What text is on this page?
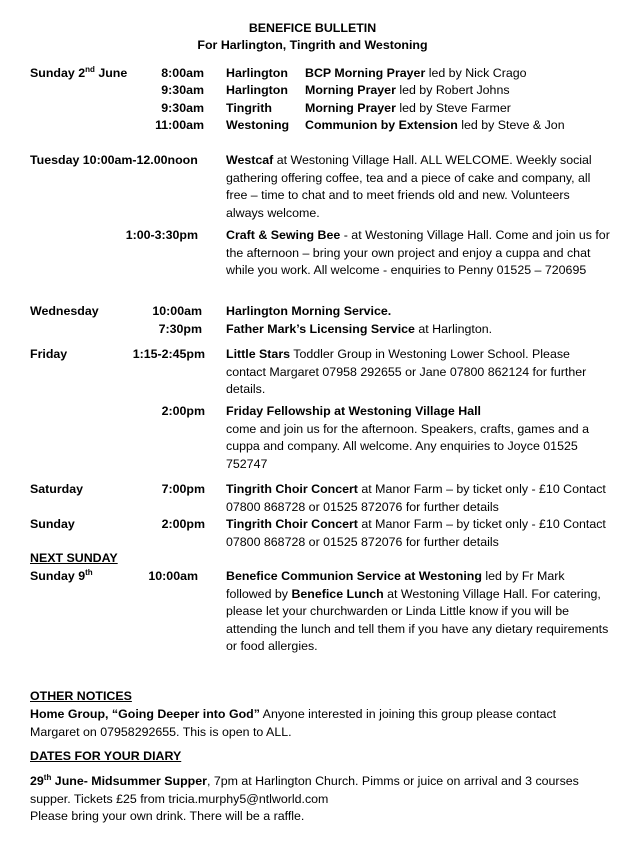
BENEFICE BULLETIN
For Harlington, Tingrith and Westoning
Sunday 2nd June	8:00am Harlington BCP Morning Prayer led by Nick Crago
9:30am Harlington Morning Prayer led by Robert Johns
9:30am Tingrith	Morning Prayer led by Steve Farmer
11:00am Westoning Communion by Extension led by Steve & Jon
Tuesday 10:00am-12.00noon Westcaf at Westoning Village Hall. ALL WELCOME. Weekly social gathering offering coffee, tea and a piece of cake and company, all free – time to chat and to meet friends old and new. Volunteers always welcome.
1:00-3:30pm Craft & Sewing Bee - at Westoning Village Hall. Come and join us for the afternoon – bring your own project and enjoy a cuppa and chat while you work. All welcome - enquiries to Penny 01525 – 720695
Wednesday	10:00am Harlington Morning Service.
7:30pm Father Mark’s Licensing Service at Harlington.
Friday	1:15-2:45pm Little Stars Toddler Group in Westoning Lower School. Please contact Margaret 07958 292655 or Jane 07800 862124 for further details.
2:00pm Friday Fellowship at Westoning Village Hall
come and join us for the afternoon. Speakers, crafts, games and a cuppa and company. All welcome. Any enquiries to Joyce 01525 752747
Saturday	7:00pm Tingrith Choir Concert at Manor Farm – by ticket only - £10 Contact 07800 868728 or 01525 872076 for further details
Sunday	2:00pm Tingrith Choir Concert at Manor Farm – by ticket only - £10 Contact 07800 868728 or 01525 872076 for further details
NEXT SUNDAY
Sunday 9th	10:00am Benefice Communion Service at Westoning led by Fr Mark followed by Benefice Lunch at Westoning Village Hall. For catering, please let your churchwarden or Linda Little know if you will be attending the lunch and tell them if you have any dietary requirements or food allergies.
OTHER NOTICES
Home Group, “Going Deeper into God” Anyone interested in joining this group please contact Margaret on 07958292655. This is open to ALL.
DATES FOR YOUR DIARY
29th June- Midsummer Supper, 7pm at Harlington Church. Pimms or juice on arrival and 3 courses supper. Tickets £25 from tricia.murphy5@ntlworld.com
Please bring your own drink. There will be a raffle.
